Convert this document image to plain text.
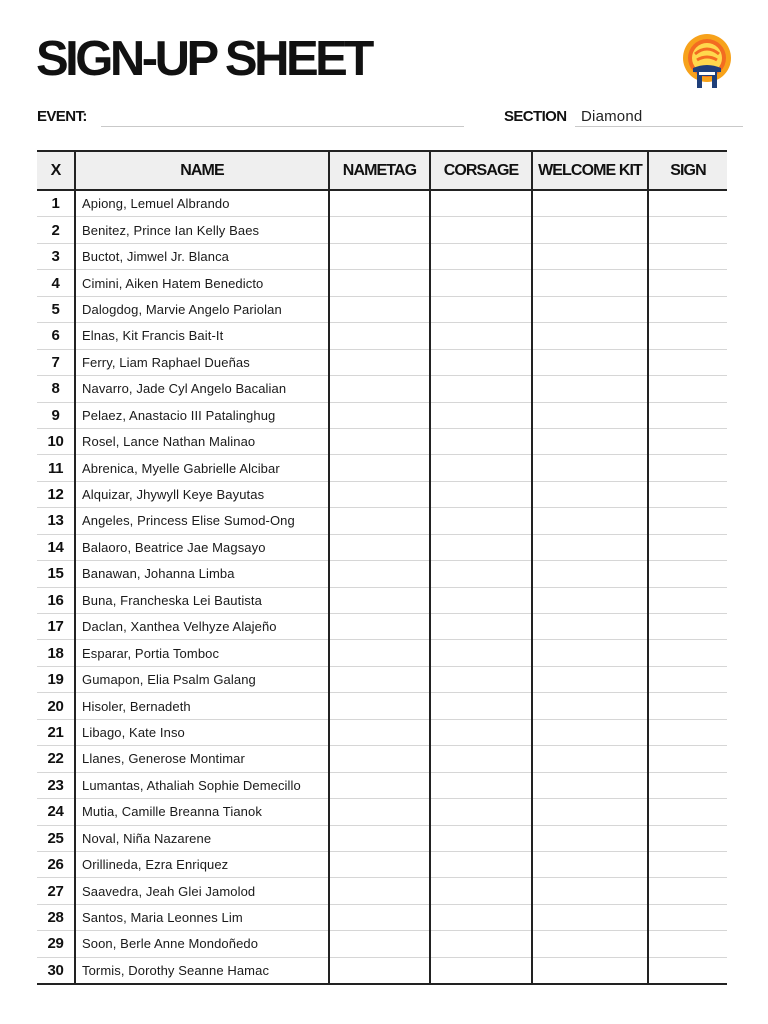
SIGN-UP SHEET
EVENT:	SECTION Diamond
X	NAME	NAMETAG	CORSAGE	WELCOME KIT	SIGN
1	Apiong, Lemuel Albrando				
2	Benitez, Prince Ian Kelly Baes				
3	Buctot, Jimwel Jr. Blanca				
4	Cimini, Aiken Hatem Benedicto				
5	Dalogdog, Marvie Angelo Pariolan				
6	Elnas, Kit Francis Bait-It				
7	Ferry, Liam Raphael Dueñas				
8	Navarro, Jade Cyl Angelo Bacalian				
9	Pelaez, Anastacio III Patalinghug				
10	Rosel, Lance Nathan Malinao				
11	Abrenica, Myelle Gabrielle Alcibar				
12	Alquizar, Jhywyll Keye Bayutas				
13	Angeles, Princess Elise Sumod-Ong				
14	Balaoro, Beatrice Jae Magsayo				
15	Banawan, Johanna Limba				
16	Buna, Francheska Lei Bautista				
17	Daclan, Xanthea Velhyze Alajeño				
18	Esparar, Portia Tomboc				
19	Gumapon, Elia Psalm Galang				
20	Hisoler, Bernadeth				
21	Libago, Kate Inso				
22	Llanes, Generose Montimar				
23	Lumantas, Athaliah Sophie Demecillo				
24	Mutia, Camille Breanna Tianok				
25	Noval, Niña Nazarene				
26	Orillineda, Ezra Enriquez				
27	Saavedra, Jeah Glei Jamolod				
28	Santos, Maria Leonnes Lim				
29	Soon, Berle Anne Mondoñedo				
30	Tormis, Dorothy Seanne Hamac				
